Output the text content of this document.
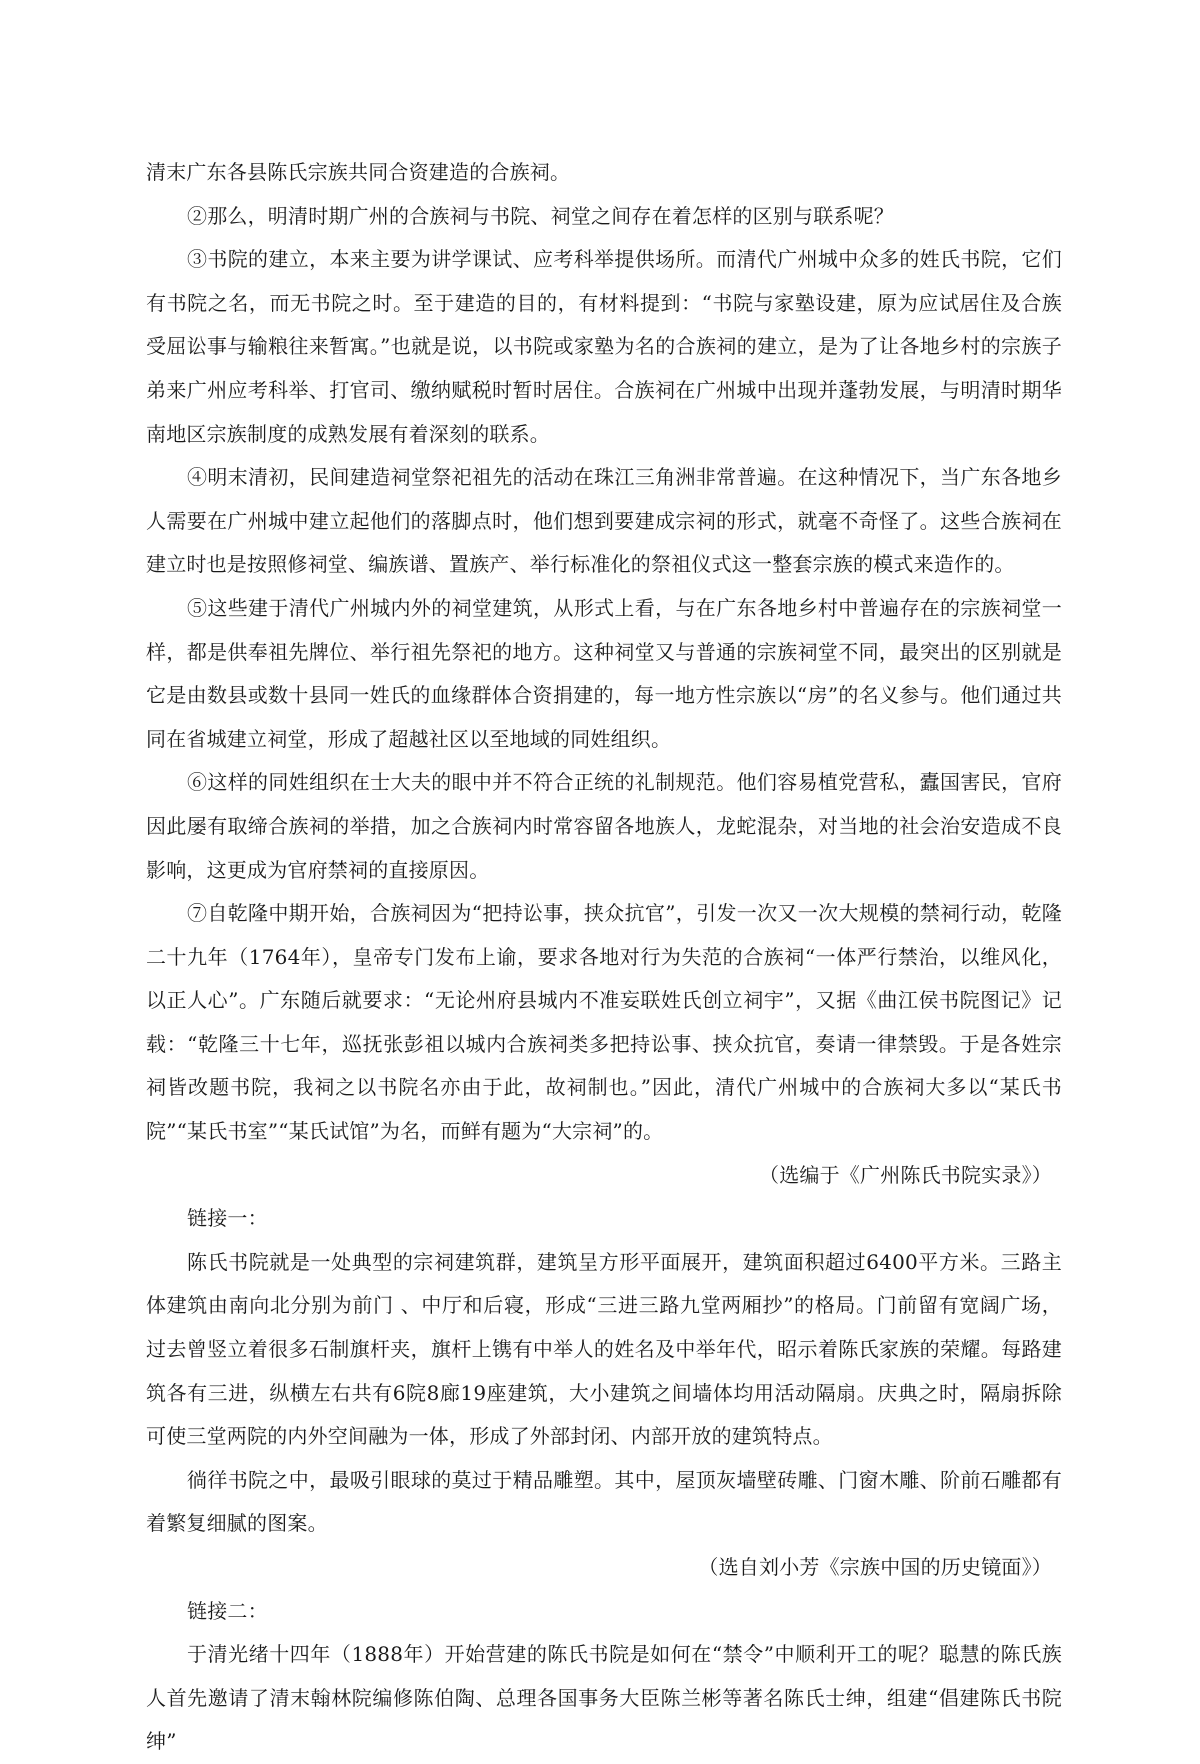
清末广东各县陈氏宗族共同合资建造的合族祠。

②那么，明清时期广州的合族祠与书院、祠堂之间存在着怎样的区别与联系呢？

③书院的建立，本来主要为讲学课试、应考科举提供场所。而清代广州城中众多的姓氏书院，它们有书院之名，而无书院之时。至于建造的目的，有材料提到：“书院与家塾设建，原为应试居住及合族受屈讼事与输粮往来暂寓。”也就是说，以书院或家塾为名的合族祠的建立，是为了让各地乡村的宗族子弟来广州应考科举、打官司、缴纳赋税时暂时居住。合族祠在广州城中出现并蓬勃发展，与明清时期华南地区宗族制度的成熟发展有着深刻的联系。

④明末清初，民间建造祠堂祭祀祖先的活动在珠江三角洲非常普遍。在这种情况下，当广东各地乡人需要在广州城中建立起他们的落脚点时，他们想到要建成宗祠的形式，就毫不奇怪了。这些合族祠在建立时也是按照修祠堂、编族谱、置族产、举行标准化的祭祖仪式这一整套宗族的模式来造作的。

⑤这些建于清代广州城内外的祠堂建筑，从形式上看，与在广东各地乡村中普遍存在的宗族祠堂一样，都是供奉祖先牌位、举行祖先祭祀的地方。这种祠堂又与普通的宗族祠堂不同，最突出的区别就是它是由数县或数十县同一姓氏的血缘群体合资捐建的，每一地方性宗族以“房”的名义参与。他们通过共同在省城建立祠堂，形成了超越社区以至地域的同姓组织。

⑥这样的同姓组织在士大夫的眼中并不符合正统的礼制规范。他们容易植党营私，蠹国害民，官府因此屡有取缔合族祠的举措，加之合族祠内时常容留各地族人，龙蛇混杂，对当地的社会治安造成不良影响，这更成为官府禁祠的直接原因。

⑦自乾隆中期开始，合族祠因为“把持讼事，挟众抗官”，引发一次又一次大规模的禁祠行动，乾隆二十九年（1764年），皇帝专门发布上谕，要求各地对行为失范的合族祠“一体严行禁治，以维风化，以正人心”。广东随后就要求：“无论州府县城内不准妄联姓氏创立祠宇”，又据《曲江侯书院图记》记载：“乾隆三十七年，巡抚张彭祖以城内合族祠类多把持讼事、挟众抗官，奏请一律禁毁。于是各姓宗祠皆改题书院，我祠之以书院名亦由于此，故祠制也。”因此，清代广州城中的合族祠大多以“某氏书院”“某氏书室”“某氏试馆”为名，而鲜有题为“大宗祠”的。

（选编于《广州陈氏书院实录》）

链接一：

陈氏书院就是一处典型的宗祠建筑群，建筑呈方形平面展开，建筑面积超过6400平方米。三路主体建筑由南向北分别为前门 、中厅和后寝，形成“三进三路九堂两厢抄”的格局。门前留有宽阔广场，过去曾竖立着很多石制旗杆夹，旗杆上镌有中举人的姓名及中举年代，昭示着陈氏家族的荣耀。每路建筑各有三进，纵横左右共有6院8廊19座建筑，大小建筑之间墙体均用活动隔扇。庆典之时，隔扇拆除可使三堂两院的内外空间融为一体，形成了外部封闭、内部开放的建筑特点。

徜徉书院之中，最吸引眼球的莫过于精品雕塑。其中，屋顶灰墙壁砖雕、门窗木雕、阶前石雕都有着繁复细腻的图案。

（选自刘小芳《宗族中国的历史镜面》）

链接二：

于清光绪十四年（1888年）开始营建的陈氏书院是如何在“禁令”中顺利开工的呢？聪慧的陈氏族人首先邀请了清末翰林院编修陈伯陶、总理各国事务大臣陈兰彬等著名陈氏士绅，组建“倡建陈氏书院绅”
